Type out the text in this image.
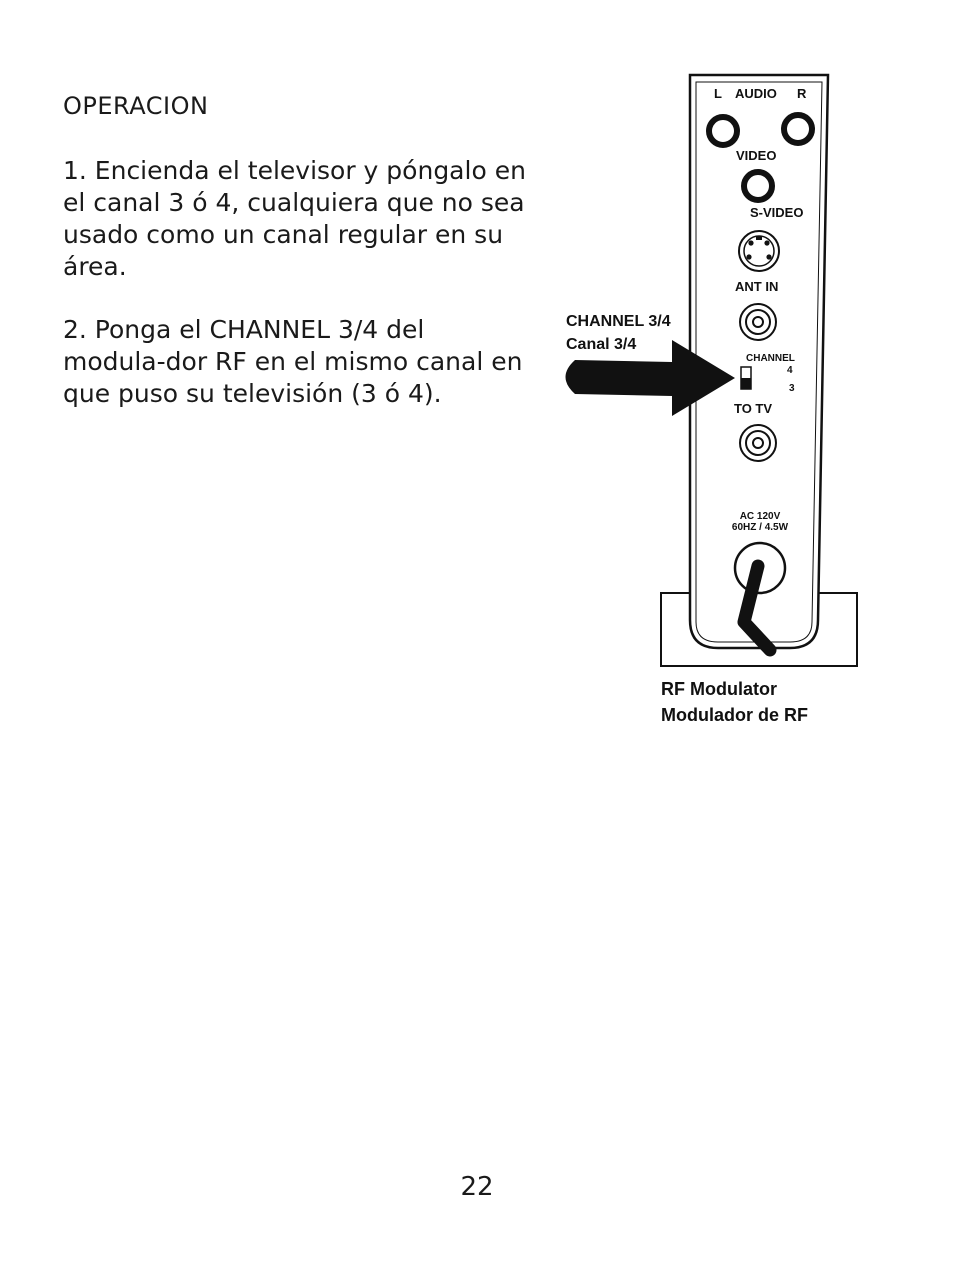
OPERACION
1. Encienda el televisor y póngalo en el canal 3 ó 4, cualquiera que no sea usado como un canal regular en su área.
2. Ponga el CHANNEL 3/4 del modula-dor RF en el mismo canal en que puso su televisión (3 ó 4).
L AUDIO R
VIDEO
S-VIDEO
ANT IN
CHANNEL
4
3
TO TV
AC 120V
60HZ / 4.5W
CHANNEL 3/4
Canal 3/4
RF Modulator
Modulador de RF
22
